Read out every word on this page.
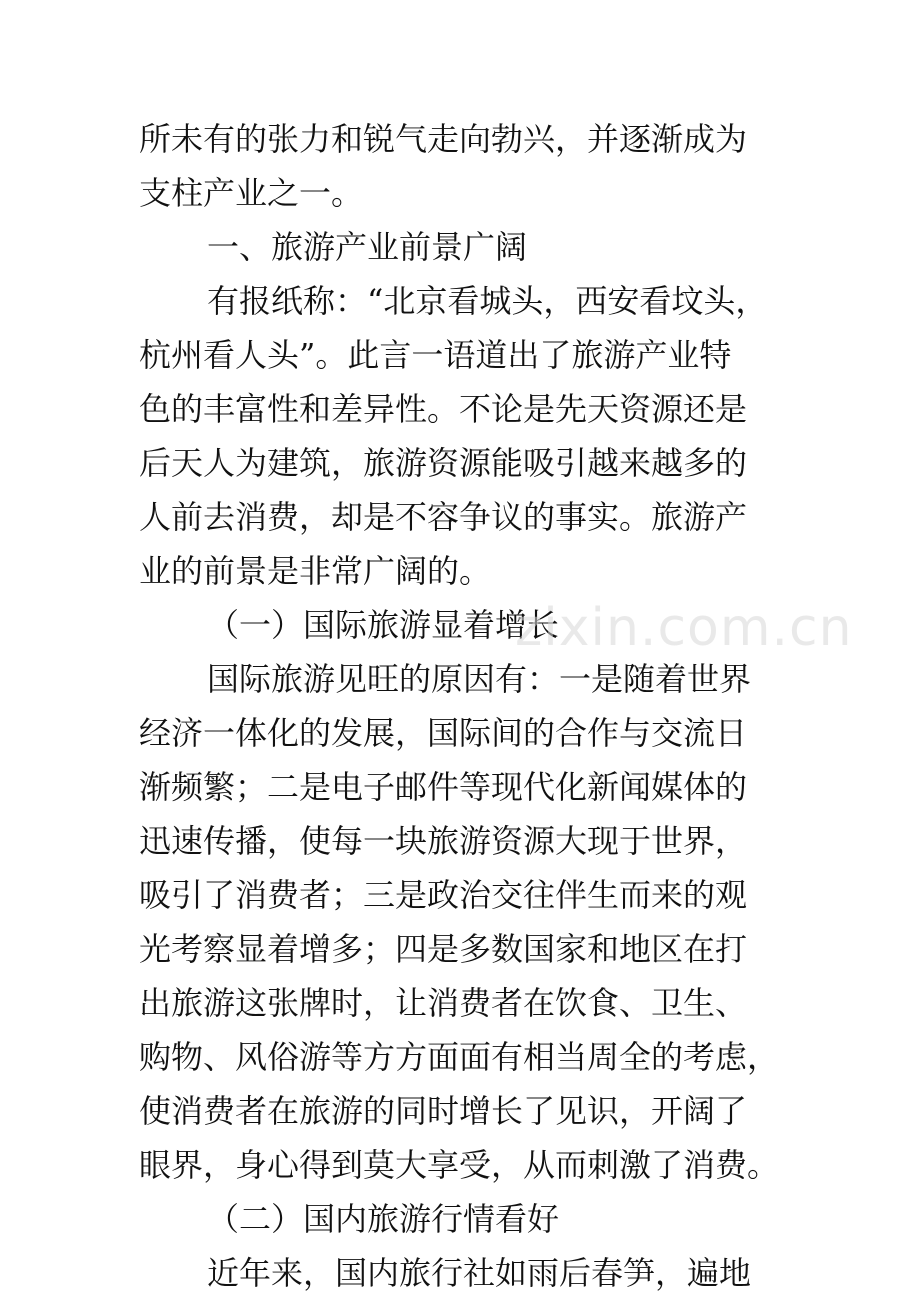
所未有的张力和锐气走向勃兴，并逐渐成为
支柱产业之一。
一、旅游产业前景广阔
有报纸称：“北京看城头，西安看坟头，
杭州看人头”。此言一语道出了旅游产业特
色的丰富性和差异性。不论是先天资源还是
后天人为建筑，旅游资源能吸引越来越多的
人前去消费，却是不容争议的事实。旅游产
业的前景是非常广阔的。
（一）国际旅游显着增长
国际旅游见旺的原因有：一是随着世界
经济一体化的发展，国际间的合作与交流日
渐频繁；二是电子邮件等现代化新闻媒体的
迅速传播，使每一块旅游资源大现于世界，
吸引了消费者；三是政治交往伴生而来的观
光考察显着增多；四是多数国家和地区在打
出旅游这张牌时，让消费者在饮食、卫生、
购物、风俗游等方方面面有相当周全的考虑，
使消费者在旅游的同时增长了见识，开阔了
眼界，身心得到莫大享受，从而刺激了消费。
（二）国内旅游行情看好
近年来，国内旅行社如雨后春笋，遍地
zixin.com.cn
